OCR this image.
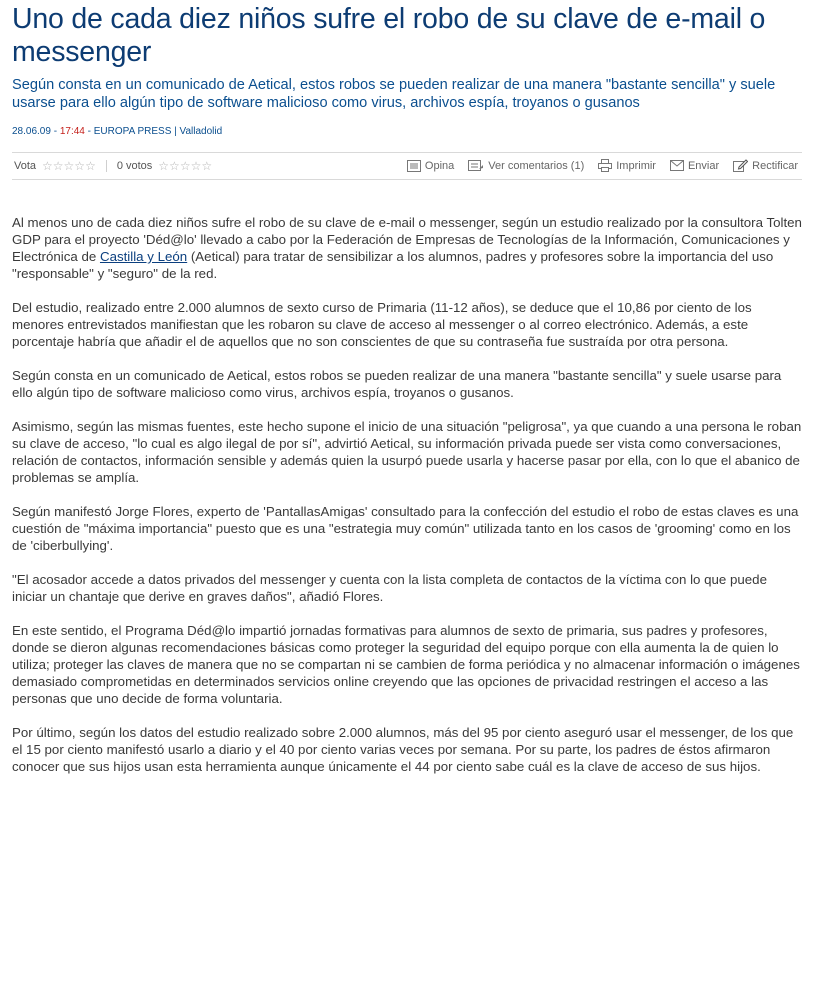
Uno de cada diez niños sufre el robo de su clave de e-mail o messenger
Según consta en un comunicado de Aetical, estos robos se pueden realizar de una manera "bastante sencilla" y suele usarse para ello algún tipo de software malicioso como virus, archivos espía, troyanos o gusanos
28.06.09 - 17:44 - EUROPA PRESS | Valladolid
Vota ☆☆☆☆☆ 0 votos ☆☆☆☆☆	Opina	Ver comentarios (1)	Imprimir	Enviar	Rectificar

Al menos uno de cada diez niños sufre el robo de su clave de e-mail o messenger, según un estudio realizado por la consultora Tolten GDP para el proyecto 'Déd@lo' llevado a cabo por la Federación de Empresas de Tecnologías de la Información, Comunicaciones y Electrónica de Castilla y León (Aetical) para tratar de sensibilizar a los alumnos, padres y profesores sobre la importancia del uso "responsable" y "seguro" de la red.

Del estudio, realizado entre 2.000 alumnos de sexto curso de Primaria (11-12 años), se deduce que el 10,86 por ciento de los menores entrevistados manifiestan que les robaron su clave de acceso al messenger o al correo electrónico. Además, a este porcentaje habría que añadir el de aquellos que no son conscientes de que su contraseña fue sustraída por otra persona.

Según consta en un comunicado de Aetical, estos robos se pueden realizar de una manera "bastante sencilla" y suele usarse para ello algún tipo de software malicioso como virus, archivos espía, troyanos o gusanos.

Asimismo, según las mismas fuentes, este hecho supone el inicio de una situación "peligrosa", ya que cuando a una persona le roban su clave de acceso, "lo cual es algo ilegal de por sí", advirtió Aetical, su información privada puede ser vista como conversaciones, relación de contactos, información sensible y además quien la usurpó puede usarla y hacerse pasar por ella, con lo que el abanico de problemas se amplía.

Según manifestó Jorge Flores, experto de 'PantallasAmigas' consultado para la confección del estudio el robo de estas claves es una cuestión de "máxima importancia" puesto que es una "estrategia muy común" utilizada tanto en los casos de 'grooming' como en los de 'ciberbullying'.

"El acosador accede a datos privados del messenger y cuenta con la lista completa de contactos de la víctima con lo que puede iniciar un chantaje que derive en graves daños", añadió Flores.

En este sentido, el Programa Déd@lo impartió jornadas formativas para alumnos de sexto de primaria, sus padres y profesores, donde se dieron algunas recomendaciones básicas como proteger la seguridad del equipo porque con ella aumenta la de quien lo utiliza; proteger las claves de manera que no se compartan ni se cambien de forma periódica y no almacenar información o imágenes demasiado comprometidas en determinados servicios online creyendo que las opciones de privacidad restringen el acceso a las personas que uno decide de forma voluntaria.

Por último, según los datos del estudio realizado sobre 2.000 alumnos, más del 95 por ciento aseguró usar el messenger, de los que el 15 por ciento manifestó usarlo a diario y el 40 por ciento varias veces por semana. Por su parte, los padres de éstos afirmaron conocer que sus hijos usan esta herramienta aunque únicamente el 44 por ciento sabe cuál es la clave de acceso de sus hijos.
